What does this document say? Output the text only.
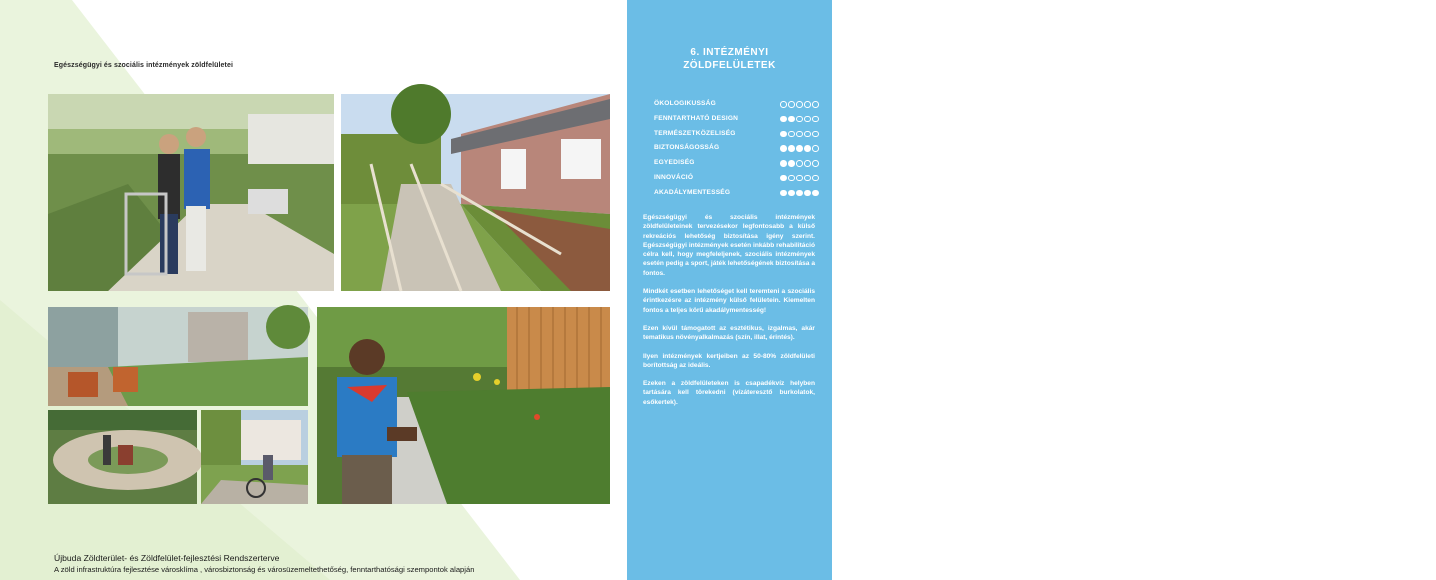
Egészségügyi és szociális intézmények zöldfelületei
6. INTÉZMÉNYI
ZÖLDFELÜLETEK
ÖKOLOGIKUSSÁG
FENNTARTHATÓ DESIGN
TERMÉSZETKÖZELISÉG
BIZTONSÁGOSSÁG
EGYEDISÉG
INNOVÁCIÓ
AKADÁLYMENTESSÉG

Egészségügyi és szociális intézmények zöldfelületeinek tervezésekor legfontosabb a külső rekreációs lehetőség biztosítása igény szerint. Egészségügyi intézmények esetén inkább rehabilitáció célra kell, hogy megfeleljenek, szociális intézmények esetén pedig a sport, játék lehetőségének biztosítása a fontos.

Mindkét esetben lehetőséget kell teremteni a szociális érintkezésre az intézmény külső felületein. Kiemelten fontos a teljes körű akadálymentesség!

Ezen kívül támogatott az esztétikus, izgalmas, akár tematikus növényalkalmazás (szín, illat, érintés).

Ilyen intézmények kertjeiben az 50-80% zöldfelületi borítottság az ideális.

Ezeken a zöldfelületeken is csapadékvíz helyben tartására kell törekedni (vízáteresztő burkolatok, esőkertek).

s73 ÚJBUDA
Újbuda Zöldterület- és Zöldfelület-fejlesztési Rendszerterve
A zöld infrastruktúra fejlesztése városklíma , városbiztonság és városüzemeltethetőség, fenntarthatósági szempontok alapján
